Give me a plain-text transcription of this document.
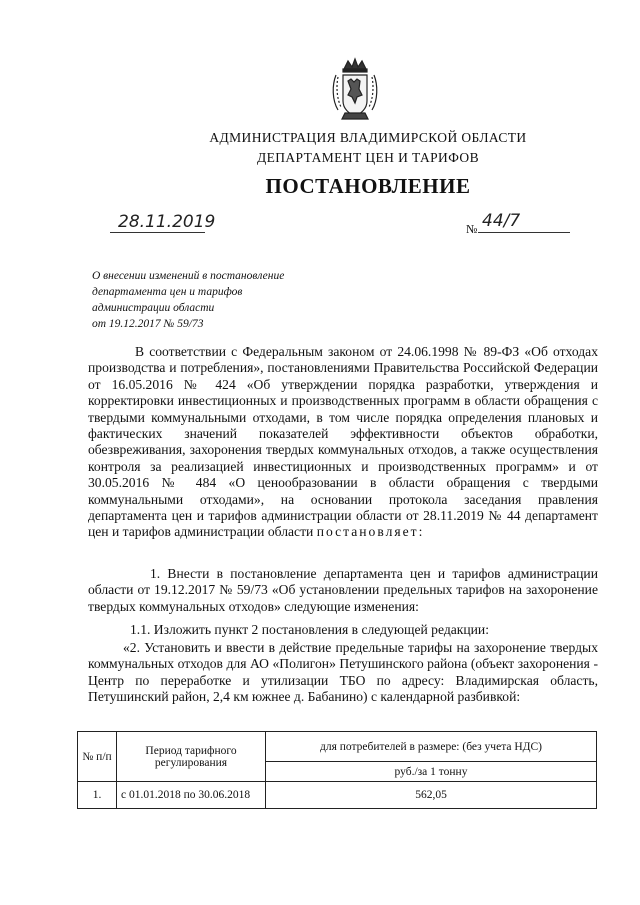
АДМИНИСТРАЦИЯ ВЛАДИМИРСКОЙ ОБЛАСТИ
ДЕПАРТАМЕНТ ЦЕН И ТАРИФОВ
ПОСТАНОВЛЕНИЕ
28.11.2019	№ 44/7
О внесении изменений в постановление
департамента цен и тарифов
администрации области
от 19.12.2017 № 59/73
В соответствии с Федеральным законом от 24.06.1998 № 89-ФЗ «Об отходах производства и потребления», постановлениями Правительства Российской Федерации от 16.05.2016 № 424 «Об утверждении порядка разработки, утверждения и корректировки инвестиционных и производственных программ в области обращения с твердыми коммунальными отходами, в том числе порядка определения плановых и фактических значений показателей эффективности объектов обработки, обезвреживания, захоронения твердых коммунальных отходов, а также осуществления контроля за реализацией инвестиционных и производственных программ» и от 30.05.2016 № 484 «О ценообразовании в области обращения с твердыми коммунальными отходами», на основании протокола заседания правления департамента цен и тарифов администрации области от 28.11.2019 № 44 департамент цен и тарифов администрации области постановляет:
1. Внести в постановление департамента цен и тарифов администрации области от 19.12.2017 № 59/73 «Об установлении предельных тарифов на захоронение твердых коммунальных отходов» следующие изменения:
1.1. Изложить пункт 2 постановления в следующей редакции:
«2. Установить и ввести в действие предельные тарифы на захоронение твердых коммунальных отходов для АО «Полигон» Петушинского района (объект захоронения - Центр по переработке и утилизации ТБО по адресу: Владимирская область, Петушинский район, 2,4 км южнее д. Бабанино) с календарной разбивкой:
№ п/п	Период тарифного регулирования	для потребителей в размере: (без учета НДС)
		руб./за 1 тонну
1.	с 01.01.2018 по 30.06.2018	562,05
